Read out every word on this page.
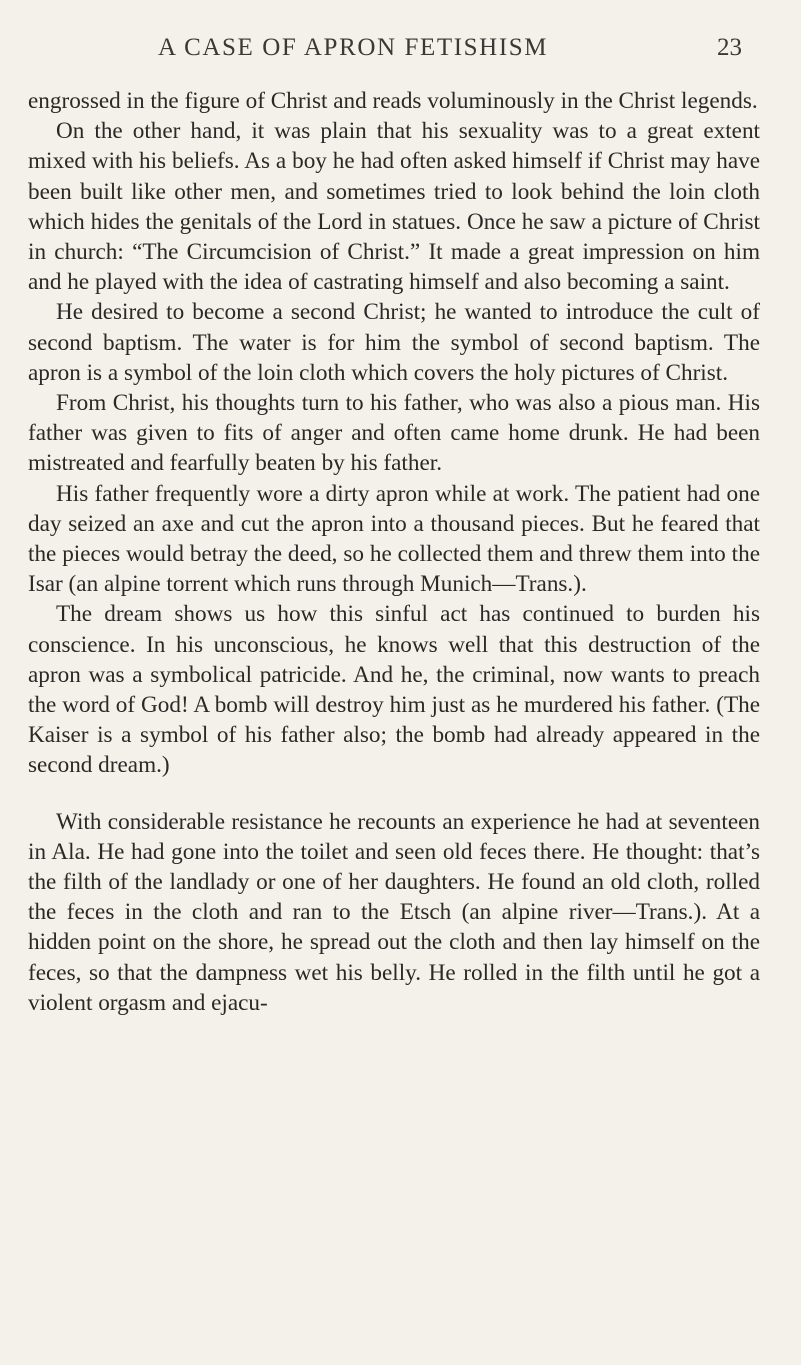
A CASE OF APRON FETISHISM	23

engrossed in the figure of Christ and reads voluminously in the Christ legends.

On the other hand, it was plain that his sexuality was to a great extent mixed with his beliefs. As a boy he had often asked himself if Christ may have been built like other men, and sometimes tried to look behind the loin cloth which hides the genitals of the Lord in statues. Once he saw a picture of Christ in church: “The Circumcision of Christ.” It made a great impression on him and he played with the idea of castrating himself and also becoming a saint.

He desired to become a second Christ; he wanted to introduce the cult of second baptism. The water is for him the symbol of second baptism. The apron is a symbol of the loin cloth which covers the holy pictures of Christ.

From Christ, his thoughts turn to his father, who was also a pious man. His father was given to fits of anger and often came home drunk. He had been mistreated and fearfully beaten by his father.

His father frequently wore a dirty apron while at work. The patient had one day seized an axe and cut the apron into a thousand pieces. But he feared that the pieces would betray the deed, so he collected them and threw them into the Isar (an alpine torrent which runs through Munich—Trans.).

The dream shows us how this sinful act has continued to burden his conscience. In his unconscious, he knows well that this destruction of the apron was a symbolical patricide. And he, the criminal, now wants to preach the word of God! A bomb will destroy him just as he murdered his father. (The Kaiser is a symbol of his father also; the bomb had already appeared in the second dream.)

With considerable resistance he recounts an experience he had at seventeen in Ala. He had gone into the toilet and seen old feces there. He thought: that’s the filth of the landlady or one of her daughters. He found an old cloth, rolled the feces in the cloth and ran to the Etsch (an alpine river—Trans.). At a hidden point on the shore, he spread out the cloth and then lay himself on the feces, so that the dampness wet his belly. He rolled in the filth until he got a violent orgasm and ejacu-
